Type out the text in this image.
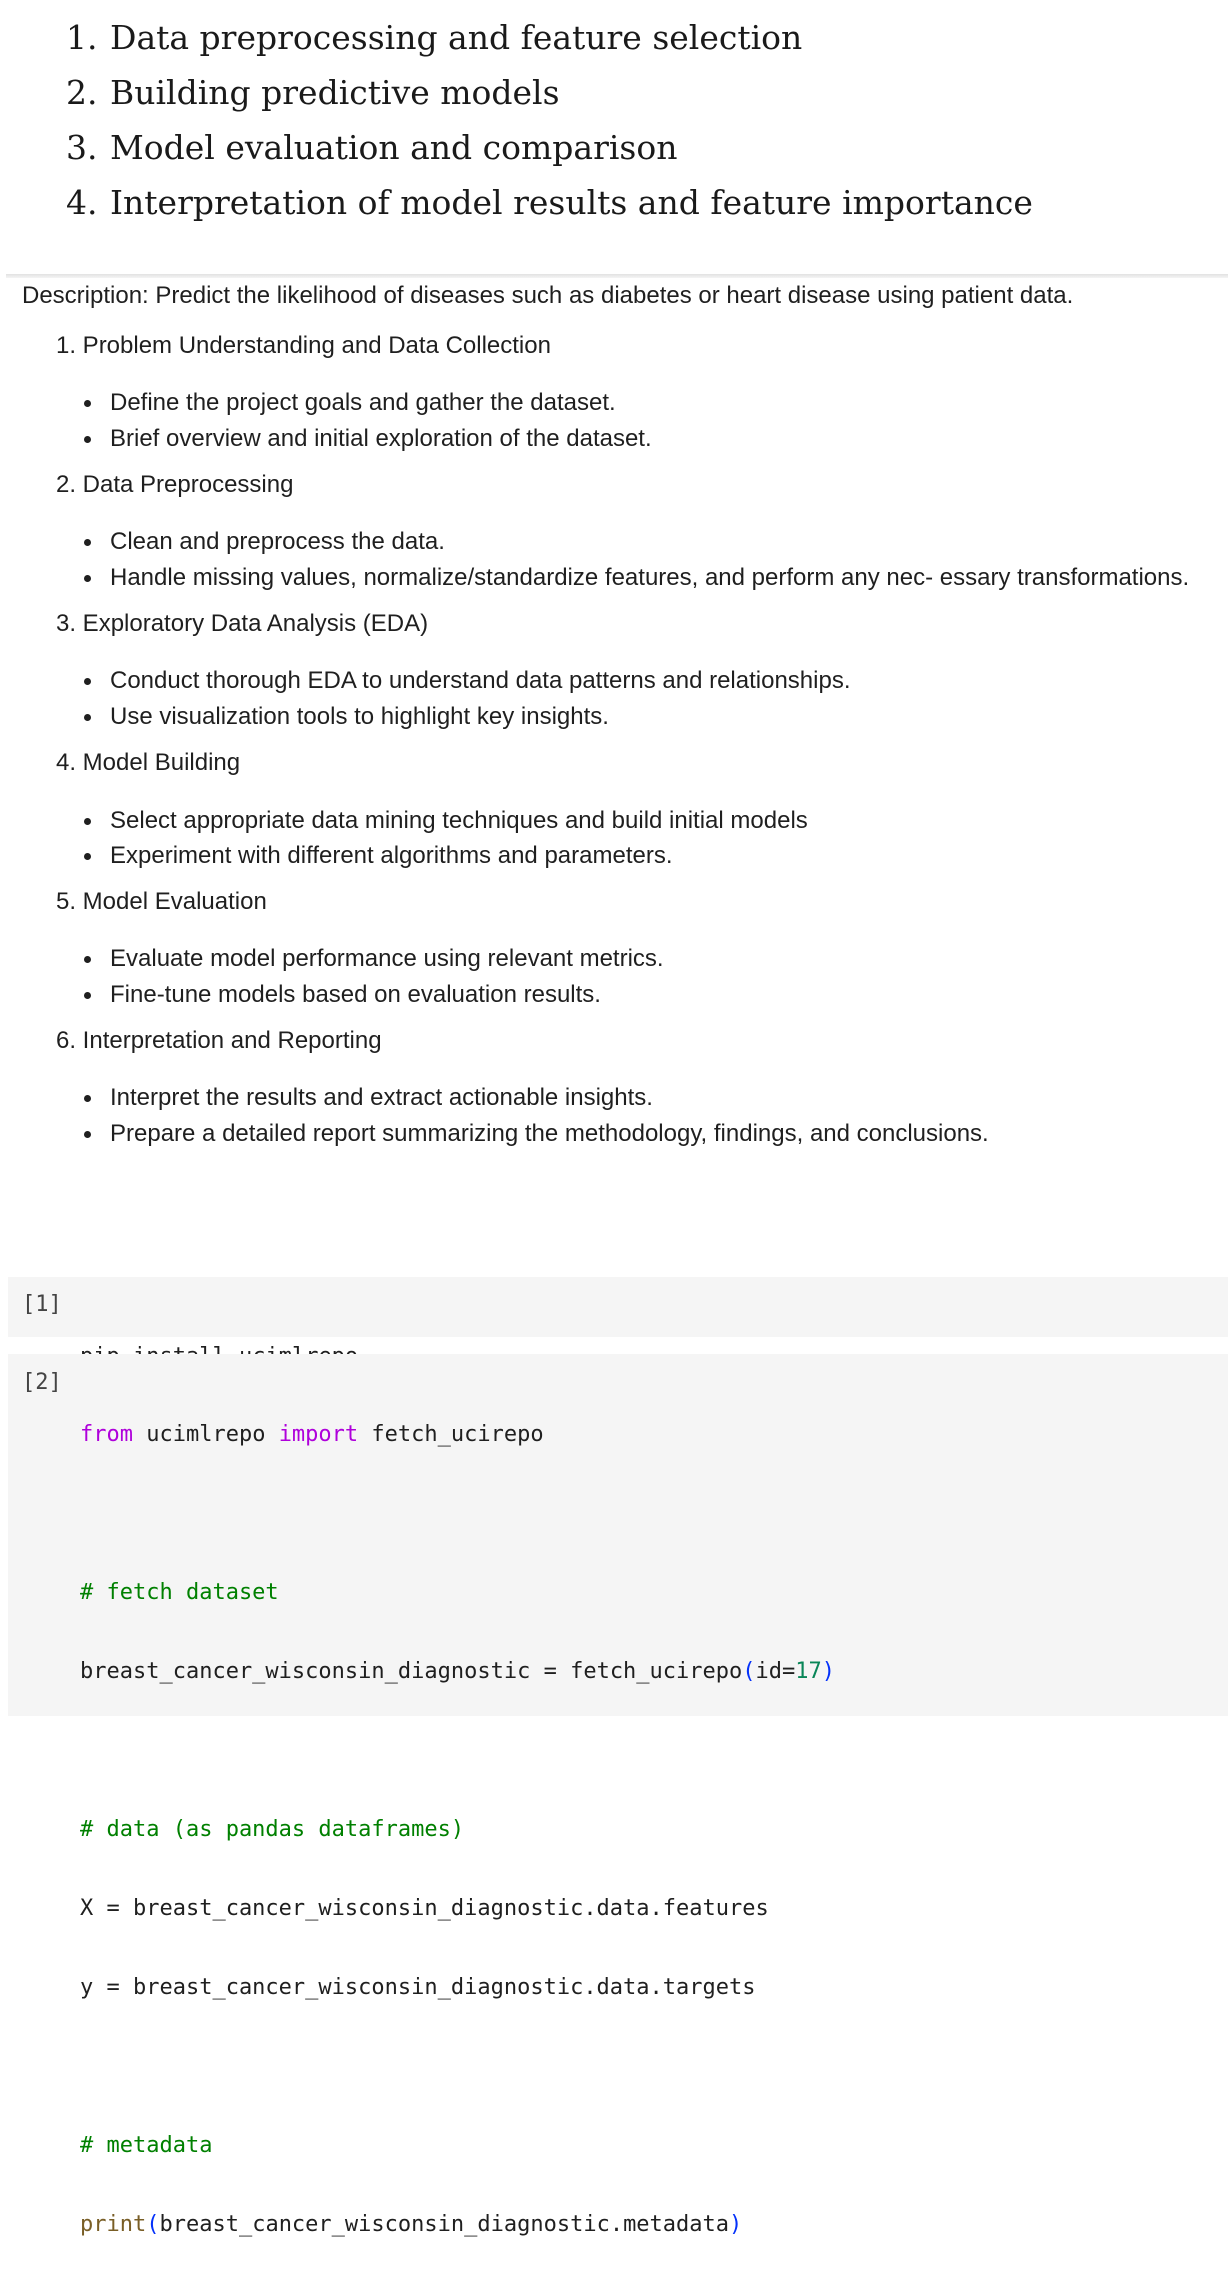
1. Data preprocessing and feature selection
2. Building predictive models
3. Model evaluation and comparison
4. Interpretation of model results and feature importance
Description: Predict the likelihood of diseases such as diabetes or heart disease using patient data.
1. Problem Understanding and Data Collection
Define the project goals and gather the dataset.
Brief overview and initial exploration of the dataset.
2. Data Preprocessing
Clean and preprocess the data.
Handle missing values, normalize/standardize features, and perform any nec- essary transformations.
3. Exploratory Data Analysis (EDA)
Conduct thorough EDA to understand data patterns and relationships.
Use visualization tools to highlight key insights.
4. Model Building
Select appropriate data mining techniques and build initial models
Experiment with different algorithms and parameters.
5. Model Evaluation
Evaluate model performance using relevant metrics.
Fine-tune models based on evaluation results.
6. Interpretation and Reporting
Interpret the results and extract actionable insights.
Prepare a detailed report summarizing the methodology, findings, and conclusions.
[1]

[2]

from ucimlrepo import fetch_ucirepo

# fetch dataset

breast_cancer_wisconsin_diagnostic = fetch_ucirepo(id=17)

# data (as pandas dataframes)

X = breast_cancer_wisconsin_diagnostic.data.features

y = breast_cancer_wisconsin_diagnostic.data.targets

# metadata

print(breast_cancer_wisconsin_diagnostic.metadata)
